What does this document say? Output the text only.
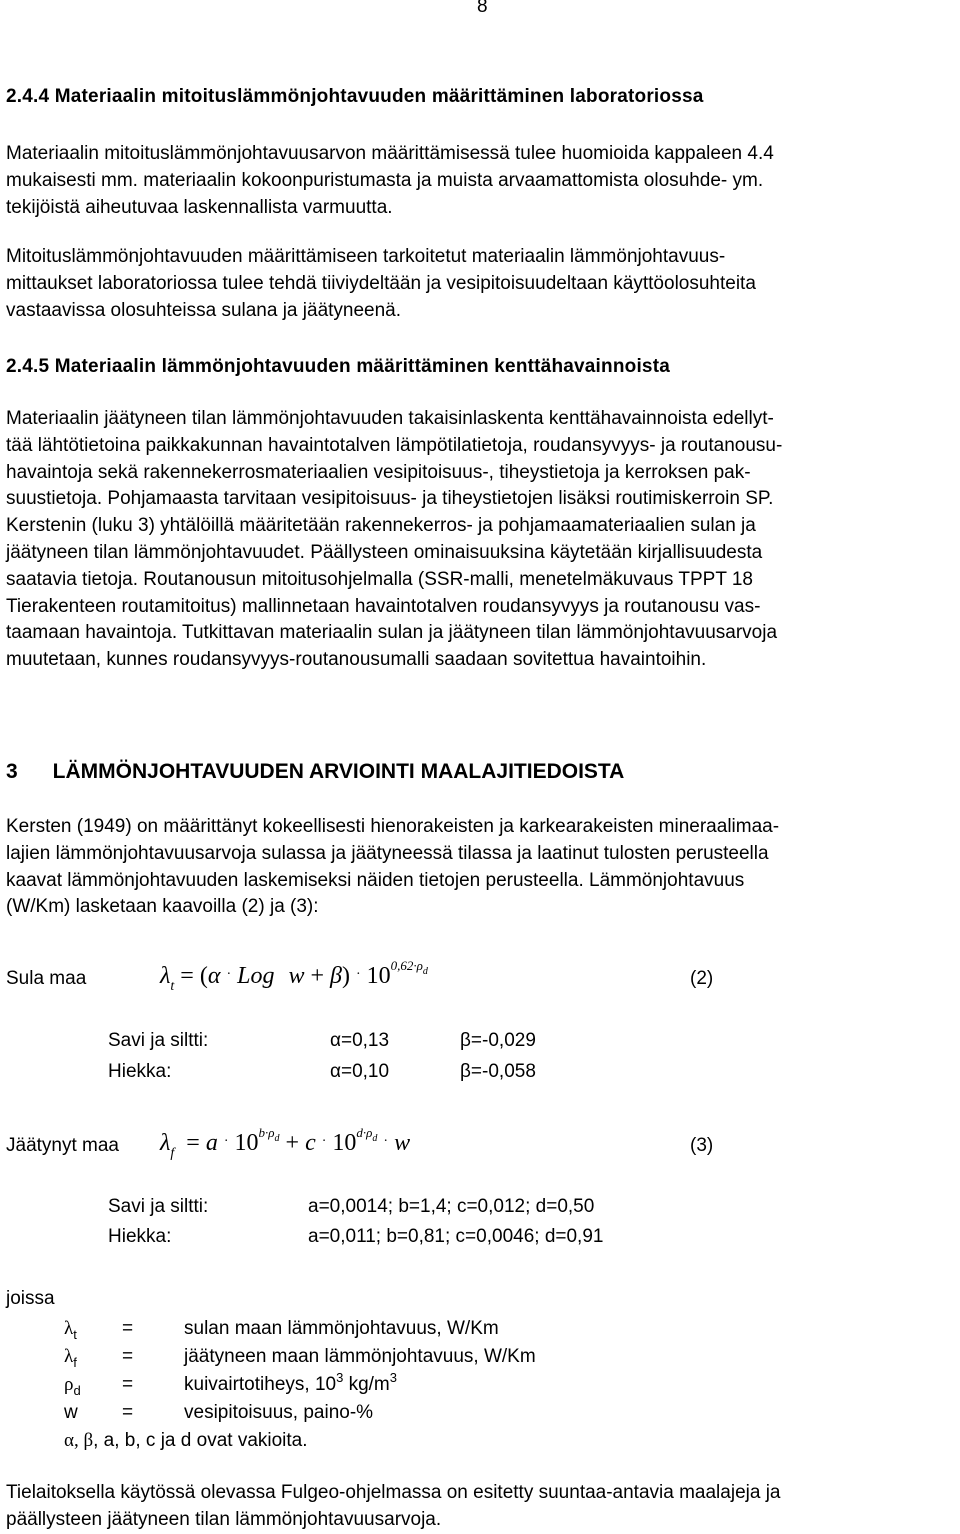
8
2.4.4 Materiaalin mitoituslämmönjohtavuuden määrittäminen laboratoriossa
Materiaalin mitoituslämmönjohtavuusarvon määrittämisessä tulee huomioida kappaleen 4.4
mukaisesti mm. materiaalin kokoonpuristumasta ja muista arvaamattomista olosuhde- ym.
tekijöistä aiheutuvaa laskennallista varmuutta.
Mitoituslämmönjohtavuuden määrittämiseen tarkoitetut materiaalin lämmönjohtavuus-
mittaukset laboratoriossa tulee tehdä tiiviydeltään ja vesipitoisuudeltaan käyttöolosuhteita
vastaavissa olosuhteissa sulana ja jäätyneenä.
2.4.5 Materiaalin lämmönjohtavuuden määrittäminen kenttähavainnoista
Materiaalin jäätyneen tilan lämmönjohtavuuden takaisinlaskenta kenttähavainnoista edellyt-
tää lähtötietoina paikkakunnan havaintotalven lämpötilatietoja, roudansyvyys- ja routanousu-
havaintoja sekä rakennekerrosmateriaalien vesipitoisuus-, tiheystietoja ja kerroksen pak-
suustietoja. Pohjamaasta tarvitaan vesipitoisuus- ja tiheystietojen lisäksi routimiskerroin SP.
Kerstenin (luku 3) yhtälöillä määritetään rakennekerros- ja pohjamaamateriaalien sulan ja
jäätyneen tilan lämmönjohtavuudet. Päällysteen ominaisuuksina käytetään kirjallisuudesta
saatavia tietoja. Routanousun mitoitusohjelmalla (SSR-malli, menetelmäkuvaus TPPT 18
Tierakenteen routamitoitus) mallinnetaan havaintotalven roudansyvyys ja routanousu vas-
taamaan havaintoja. Tutkittavan materiaalin sulan ja jäätyneen tilan lämmönjohtavuusarvoja
muutetaan, kunnes roudansyvyys-routanousumalli saadaan sovitettua havaintoihin.
3      LÄMMÖNJOHTAVUUDEN ARVIOINTI MAALAJITIEDOISTA
Kersten (1949) on määrittänyt kokeellisesti hienorakeisten ja karkearakeisten mineraalimaa-
lajien lämmönjohtavuusarvoja sulassa ja jäätyneessä tilassa ja laatinut tulosten perusteella
kaavat lämmönjohtavuuden laskemiseksi näiden tietojen perusteella. Lämmönjohtavuus
(W/Km) lasketaan kaavoilla (2) ja (3):
Sula maa	$\lambda_t = (\alpha$ · Log w + β) · $10^{0,62\cdot\rho d}$	(2)
Savi ja siltti:	α=0,13	β=-0,029
Hiekka:	α=0,10	β=-0,058
Jäätynyt maa $\lambda_f = a$ · $10^{b\cdot\rho d} + c$ · $10^{d\cdot\rho d}$ · w	(3)
Savi ja siltti:	a=0,0014; b=1,4; c=0,012; d=0,50
Hiekka:	a=0,011; b=0,81; c=0,0046; d=0,91
joissa
$\lambda_t$ =	sulan maan lämmönjohtavuus, W/Km
$\lambda_f$ =	jäätyneen maan lämmönjohtavuus, W/Km
$\rho_d$ =	kuivairtotiheys, $10^3$ $kg/m^3$
w =	vesipitoisuus, paino-%
α, β, a, b, c ja d ovat vakioita.
Tielaitoksella käytössä olevassa Fulgeo-ohjelmassa on esitetty suuntaa-antavia maalajeja ja
päällysteen jäätyneen tilan lämmönjohtavuusarvoja.
